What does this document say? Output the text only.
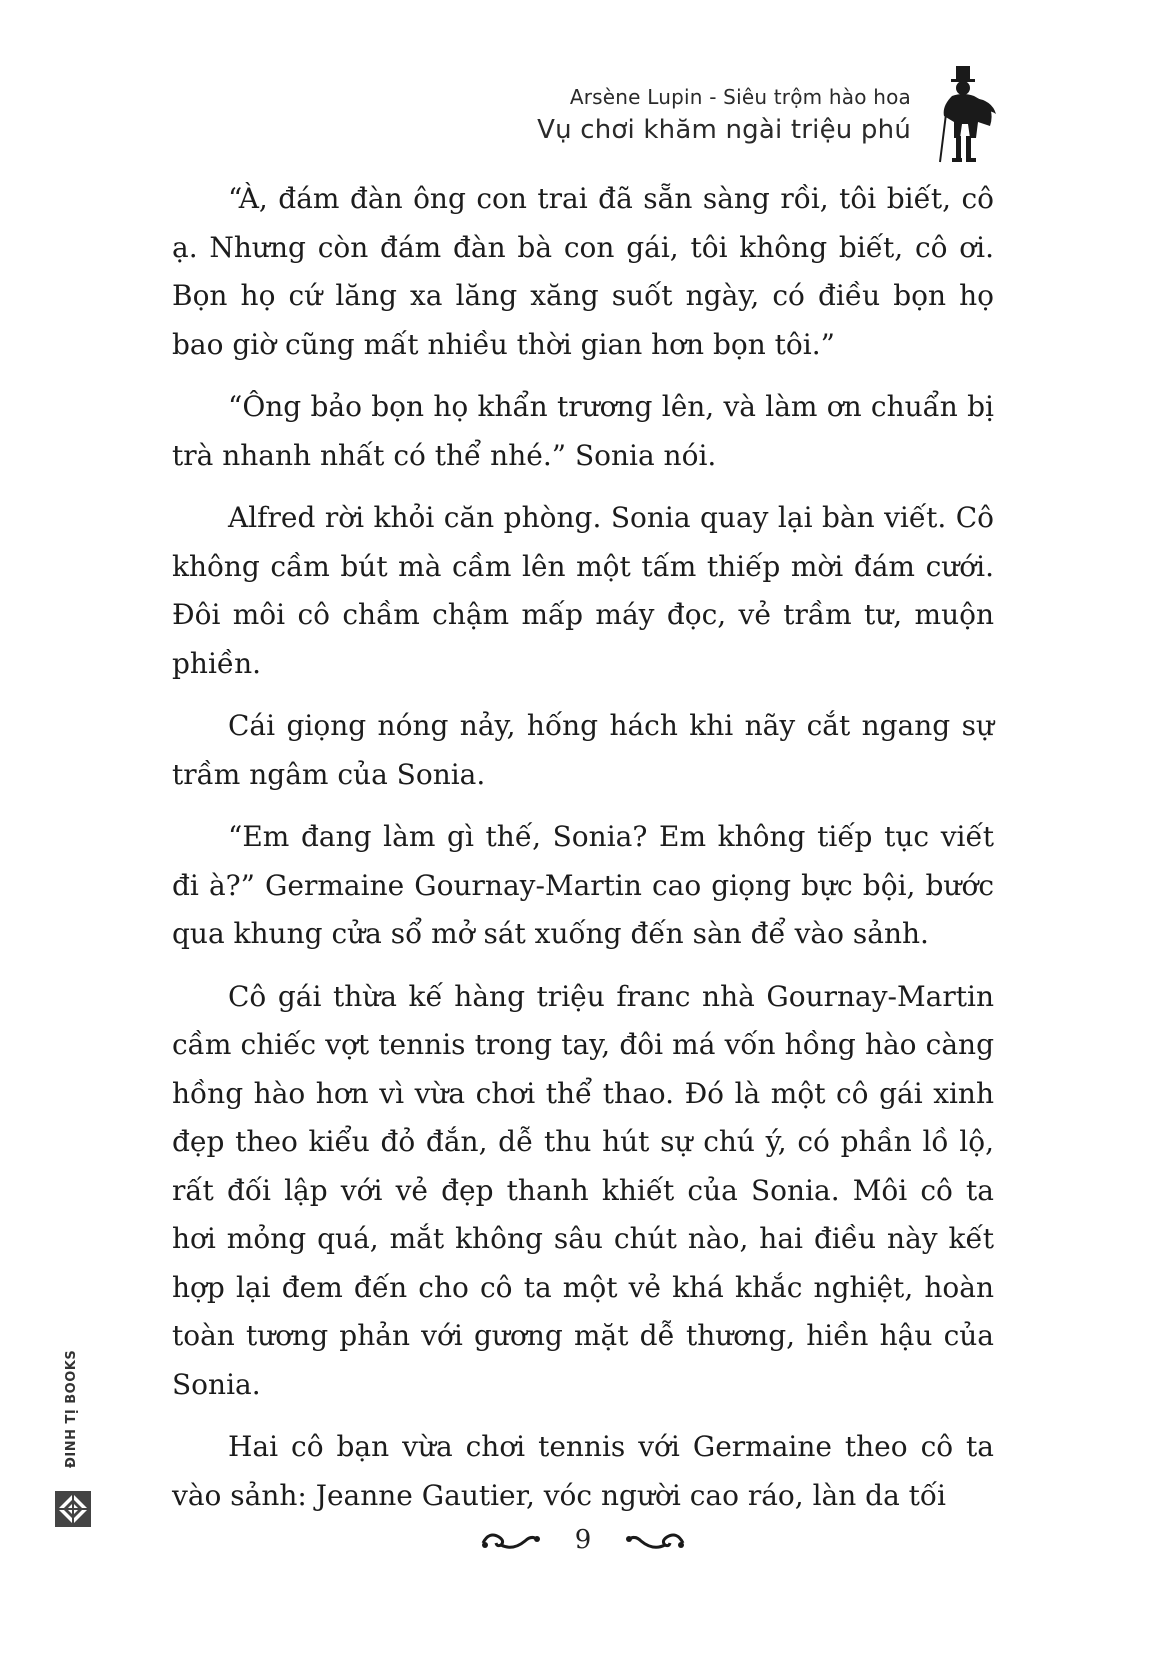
Arsène Lupin - Siêu trộm hào hoa
Vụ chơi khăm ngài triệu phú

“À, đám đàn ông con trai đã sẵn sàng rồi, tôi biết, cô ạ. Nhưng còn đám đàn bà con gái, tôi không biết, cô ơi. Bọn họ cứ lăng xa lăng xăng suốt ngày, có điều bọn họ bao giờ cũng mất nhiều thời gian hơn bọn tôi.”

“Ông bảo bọn họ khẩn trương lên, và làm ơn chuẩn bị trà nhanh nhất có thể nhé.” Sonia nói.

Alfred rời khỏi căn phòng. Sonia quay lại bàn viết. Cô không cầm bút mà cầm lên một tấm thiếp mời đám cưới. Đôi môi cô chầm chậm mấp máy đọc, vẻ trầm tư, muộn phiền.

Cái giọng nóng nảy, hống hách khi nãy cắt ngang sự trầm ngâm của Sonia.

“Em đang làm gì thế, Sonia? Em không tiếp tục viết đi à?” Germaine Gournay-Martin cao giọng bực bội, bước qua khung cửa sổ mở sát xuống đến sàn để vào sảnh.

Cô gái thừa kế hàng triệu franc nhà Gournay-Martin cầm chiếc vợt tennis trong tay, đôi má vốn hồng hào càng hồng hào hơn vì vừa chơi thể thao. Đó là một cô gái xinh đẹp theo kiểu đỏ đắn, dễ thu hút sự chú ý, có phần lồ lộ, rất đối lập với vẻ đẹp thanh khiết của Sonia. Môi cô ta hơi mỏng quá, mắt không sâu chút nào, hai điều này kết hợp lại đem đến cho cô ta một vẻ khá khắc nghiệt, hoàn toàn tương phản với gương mặt dễ thương, hiền hậu của Sonia.

Hai cô bạn vừa chơi tennis với Germaine theo cô ta vào sảnh: Jeanne Gautier, vóc người cao ráo, làn da tối

9
ĐINH TỊ BOOKS
